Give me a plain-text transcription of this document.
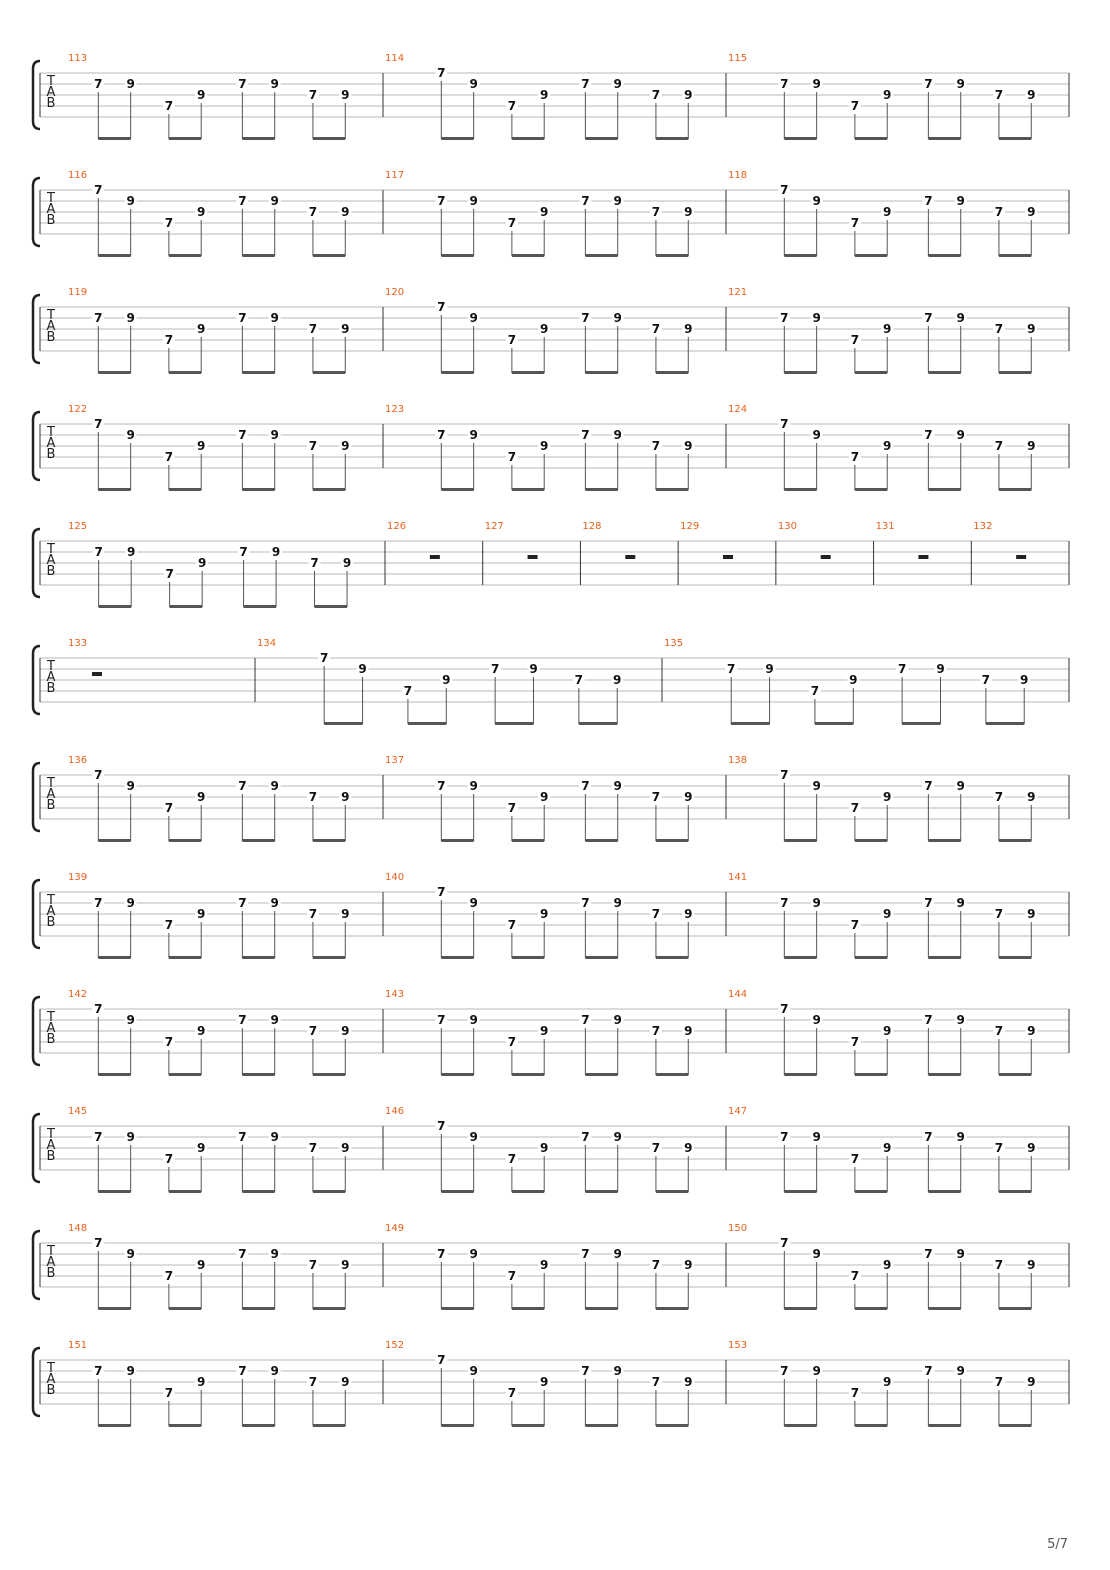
T
A
B
113
7 9
7
9
7 9
7 9
114
7
9
7
9
7 9
7 9
115
7 9
7
9
7 9
7 9
T
A
B
116
7
9
7
9
7 9
7 9
117
7 9
7
9
7 9
7 9
118
7
9
7
9
7 9
7 9
T
A
B
119
7 9
7
9
7 9
7 9
120
7
9
7
9
7 9
7 9
121
7 9
7
9
7 9
7 9
T
A
B
122
7
9
7
9
7 9
7 9
123
7 9
7
9
7 9
7 9
124
7
9
7
9
7 9
7 9
T
A
B
125
7 9
7
9
7 9
7 9
126	127	128	129	130	131	132
T
A
B
133	134
7
9
7
9
7	9
7	9
135
7	9
7
9
7	9
7	9
T
A
B
136
7
9
7
9
7 9
7 9
137
7 9
7
9
7 9
7 9
138
7
9
7
9
7 9
7 9
T
A
B
139
7 9
7
9
7 9
7 9
140
7
9
7
9
7 9
7 9
141
7 9
7
9
7 9
7 9
T
A
B
142
7
9
7
9
7 9
7 9
143
7 9
7
9
7 9
7 9
144
7
9
7
9
7 9
7 9
T
A
B
145
7 9
7
9
7 9
7 9
146
7
9
7
9
7 9
7 9
147
7 9
7
9
7 9
7 9
T
A
B
148
7
9
7
9
7 9
7 9
149
7 9
7
9
7 9
7 9
150
7
9
7
9
7 9
7 9
T
A
B
151
7 9
7
9
7 9
7 9
152
7
9
7
9
7 9
7 9
153
7 9
7
9
7 9
7 9
5/7
